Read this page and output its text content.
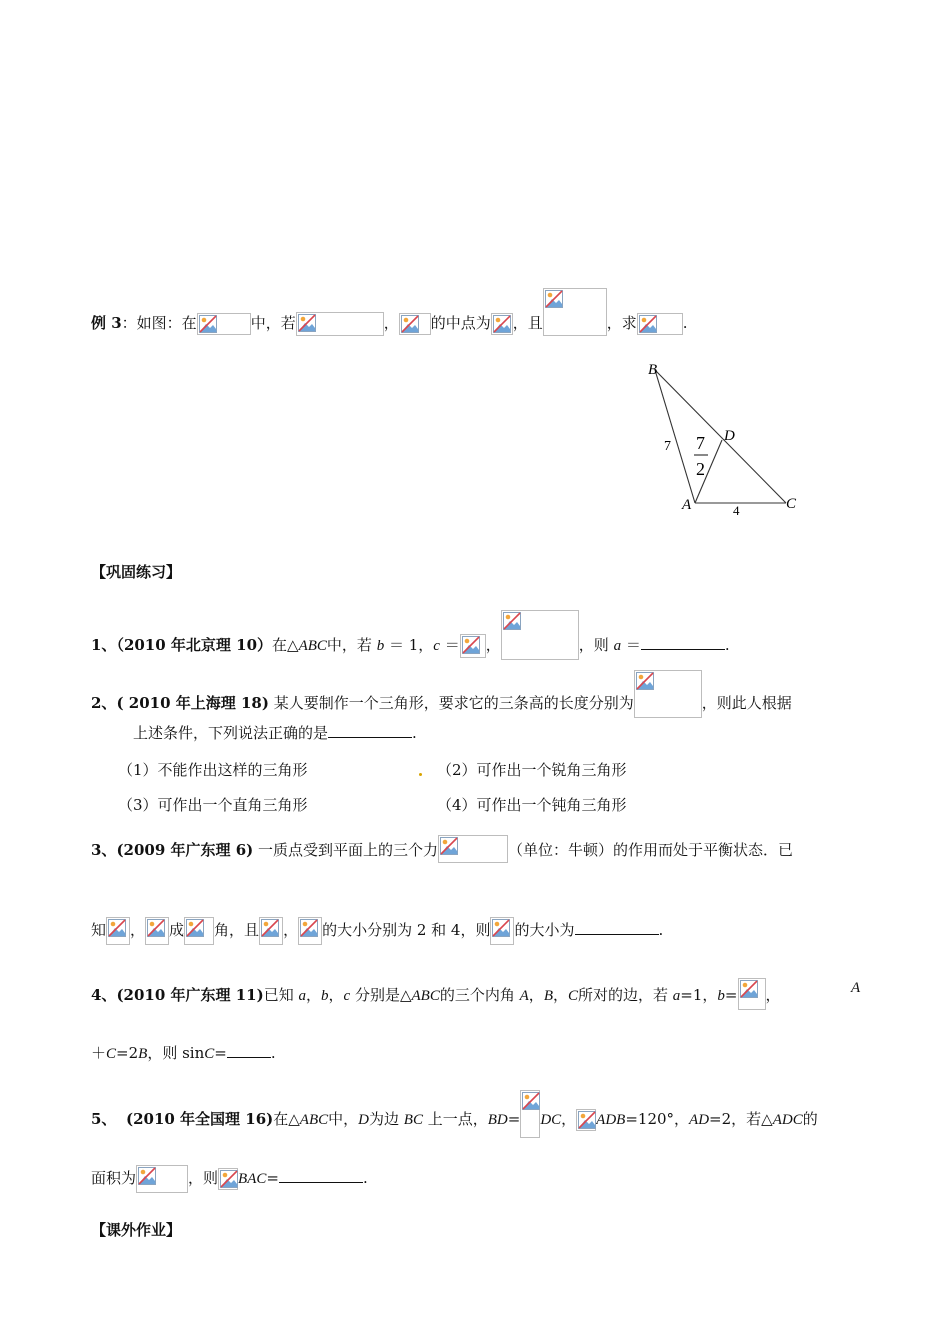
例 3：如图：在	中，若	， 的中点为 ，且	，求	.
B
D
A	C
7 7
2
4
【巩固练习】
1、（2010 年北京理 10）在△ABC中，若 b ＝ 1，c ＝ ，	，则 a ＝	.
2、( 2010 年上海理 18) 某人要制作一个三角形，要求它的三条高的长度分别为	，则此人根据
上述条件，下列说法正确的是	.
（1）不能作出这样的三角形	（2）可作出一个锐角三角形
（3）可作出一个直角三角形	（4）可作出一个钝角三角形
3、(2009 年广东理 6) 一质点受到平面上的三个力	（单位：牛顿）的作用而处于平衡状态．已
知 ， 成 角，且 ， 的大小分别为 2 和 4，则 的大小为	.
4、(2010 年广东理 11)已知 a，b，c 分别是△ABC的三个内角 A，B，C所对的边，若 a=1，b= ，	A
＋C=2B，则 sinC=	.
5、 (2010 年全国理 16)在△ABC中，D为边 BC 上一点，BD= DC， ADB=120°，AD=2，若△ADC的
面积为	，则 BAC=	.
【课外作业】
